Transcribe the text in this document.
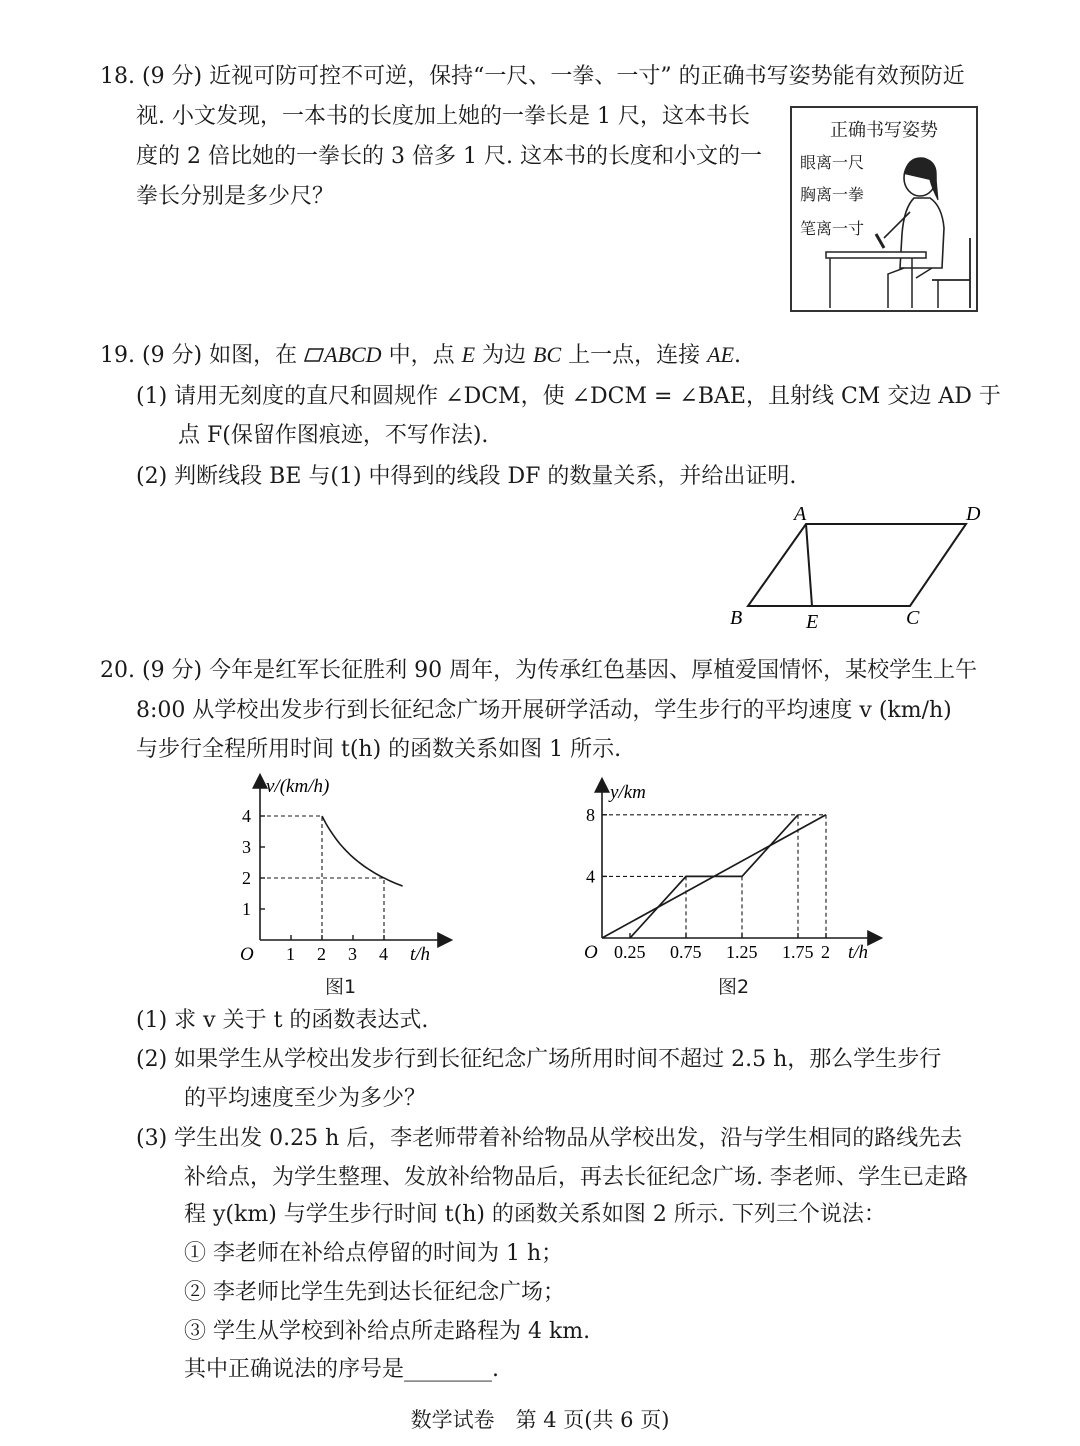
18. (9 分) 近视可防可控不可逆，保持“一尺、一拳、一寸” 的正确书写姿势能有效预防近
视. 小文发现，一本书的长度加上她的一拳长是 1 尺，这本书长
度的 2 倍比她的一拳长的 3 倍多 1 尺. 这本书的长度和小文的一
拳长分别是多少尺？
正确书写姿势
眼离一尺
胸离一拳
笔离一寸
19. (9 分) 如图，在 ABCD 中，点 E 为边 BC 上一点，连接 AE.
(1) 请用无刻度的直尺和圆规作 ∠DCM，使 ∠DCM = ∠BAE，且射线 CM 交边 AD 于
点 F(保留作图痕迹，不写作法).
(2) 判断线段 BE 与(1) 中得到的线段 DF 的数量关系，并给出证明.
A	D
B	E	C
20. (9 分) 今年是红军长征胜利 90 周年，为传承红色基因、厚植爱国情怀，某校学生上午
8:00 从学校出发步行到长征纪念广场开展研学活动，学生步行的平均速度 v (km/h)
与步行全程所用时间 t(h) 的函数关系如图 1 所示.
v/(km/h)
t/h
O 1 2 3 4
1
2
3
4
图1
y/km
t/h
O 0.25 0.75 1.25 1.75 2
4
8
图2
(1) 求 v 关于 t 的函数表达式.
(2) 如果学生从学校出发步行到长征纪念广场所用时间不超过 2.5 h，那么学生步行
的平均速度至少为多少？
(3) 学生出发 0.25 h 后，李老师带着补给物品从学校出发，沿与学生相同的路线先去
补给点，为学生整理、发放补给物品后，再去长征纪念广场. 李老师、学生已走路
程 y(km) 与学生步行时间 t(h) 的函数关系如图 2 所示. 下列三个说法：
① 李老师在补给点停留的时间为 1 h；
② 李老师比学生先到达长征纪念广场；
③ 学生从学校到补给点所走路程为 4 km.
其中正确说法的序号是________.
数学试卷　第 4 页(共 6 页)
